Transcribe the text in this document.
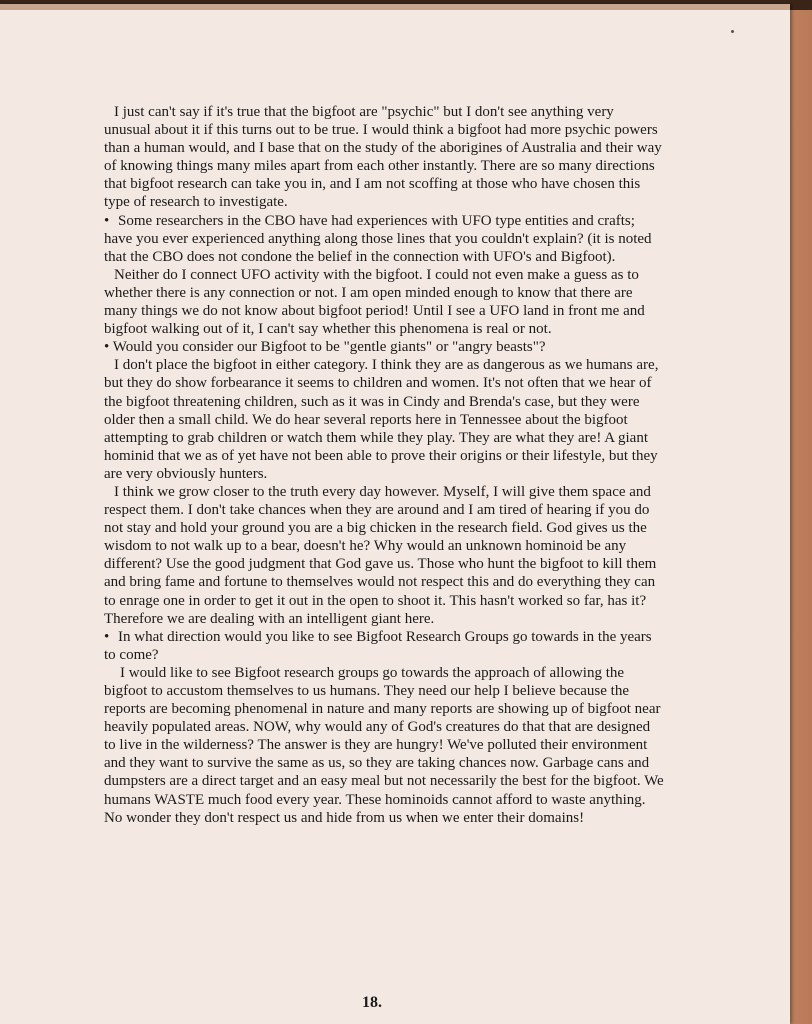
I just can't say if it's true that the bigfoot are "psychic" but I don't see anything very unusual about it if this turns out to be true. I would think a bigfoot had more psychic powers than a human would, and I base that on the study of the aborigines of Australia and their way of knowing things many miles apart from each other instantly. There are so many directions that bigfoot research can take you in, and I am not scoffing at those who have chosen this type of research to investigate.

• Some researchers in the CBO have had experiences with UFO type entities and crafts; have you ever experienced anything along those lines that you couldn't explain? (it is noted that the CBO does not condone the belief in the connection with UFO's and Bigfoot).

Neither do I connect UFO activity with the bigfoot. I could not even make a guess as to whether there is any connection or not. I am open minded enough to know that there are many things we do not know about bigfoot period! Until I see a UFO land in front me and bigfoot walking out of it, I can't say whether this phenomena is real or not.

• Would you consider our Bigfoot to be "gentle giants" or "angry beasts"?

I don't place the bigfoot in either category. I think they are as dangerous as we humans are, but they do show forbearance it seems to children and women. It's not often that we hear of the bigfoot threatening children, such as it was in Cindy and Brenda's case, but they were older then a small child. We do hear several reports here in Tennessee about the bigfoot attempting to grab children or watch them while they play. They are what they are! A giant hominid that we as of yet have not been able to prove their origins or their lifestyle, but they are very obviously hunters.

I think we grow closer to the truth every day however. Myself, I will give them space and respect them. I don't take chances when they are around and I am tired of hearing if you do not stay and hold your ground you are a big chicken in the research field. God gives us the wisdom to not walk up to a bear, doesn't he? Why would an unknown hominoid be any different? Use the good judgment that God gave us. Those who hunt the bigfoot to kill them and bring fame and fortune to themselves would not respect this and do everything they can to enrage one in order to get it out in the open to shoot it. This hasn't worked so far, has it? Therefore we are dealing with an intelligent giant here.

• In what direction would you like to see Bigfoot Research Groups go towards in the years to come?

I would like to see Bigfoot research groups go towards the approach of allowing the bigfoot to accustom themselves to us humans. They need our help I believe because the reports are becoming phenomenal in nature and many reports are showing up of bigfoot near heavily populated areas. NOW, why would any of God's creatures do that that are designed to live in the wilderness? The answer is they are hungry! We've polluted their environment and they want to survive the same as us, so they are taking chances now. Garbage cans and dumpsters are a direct target and an easy meal but not necessarily the best for the bigfoot. We humans WASTE much food every year. These hominoids cannot afford to waste anything. No wonder they don't respect us and hide from us when we enter their domains!

18.
